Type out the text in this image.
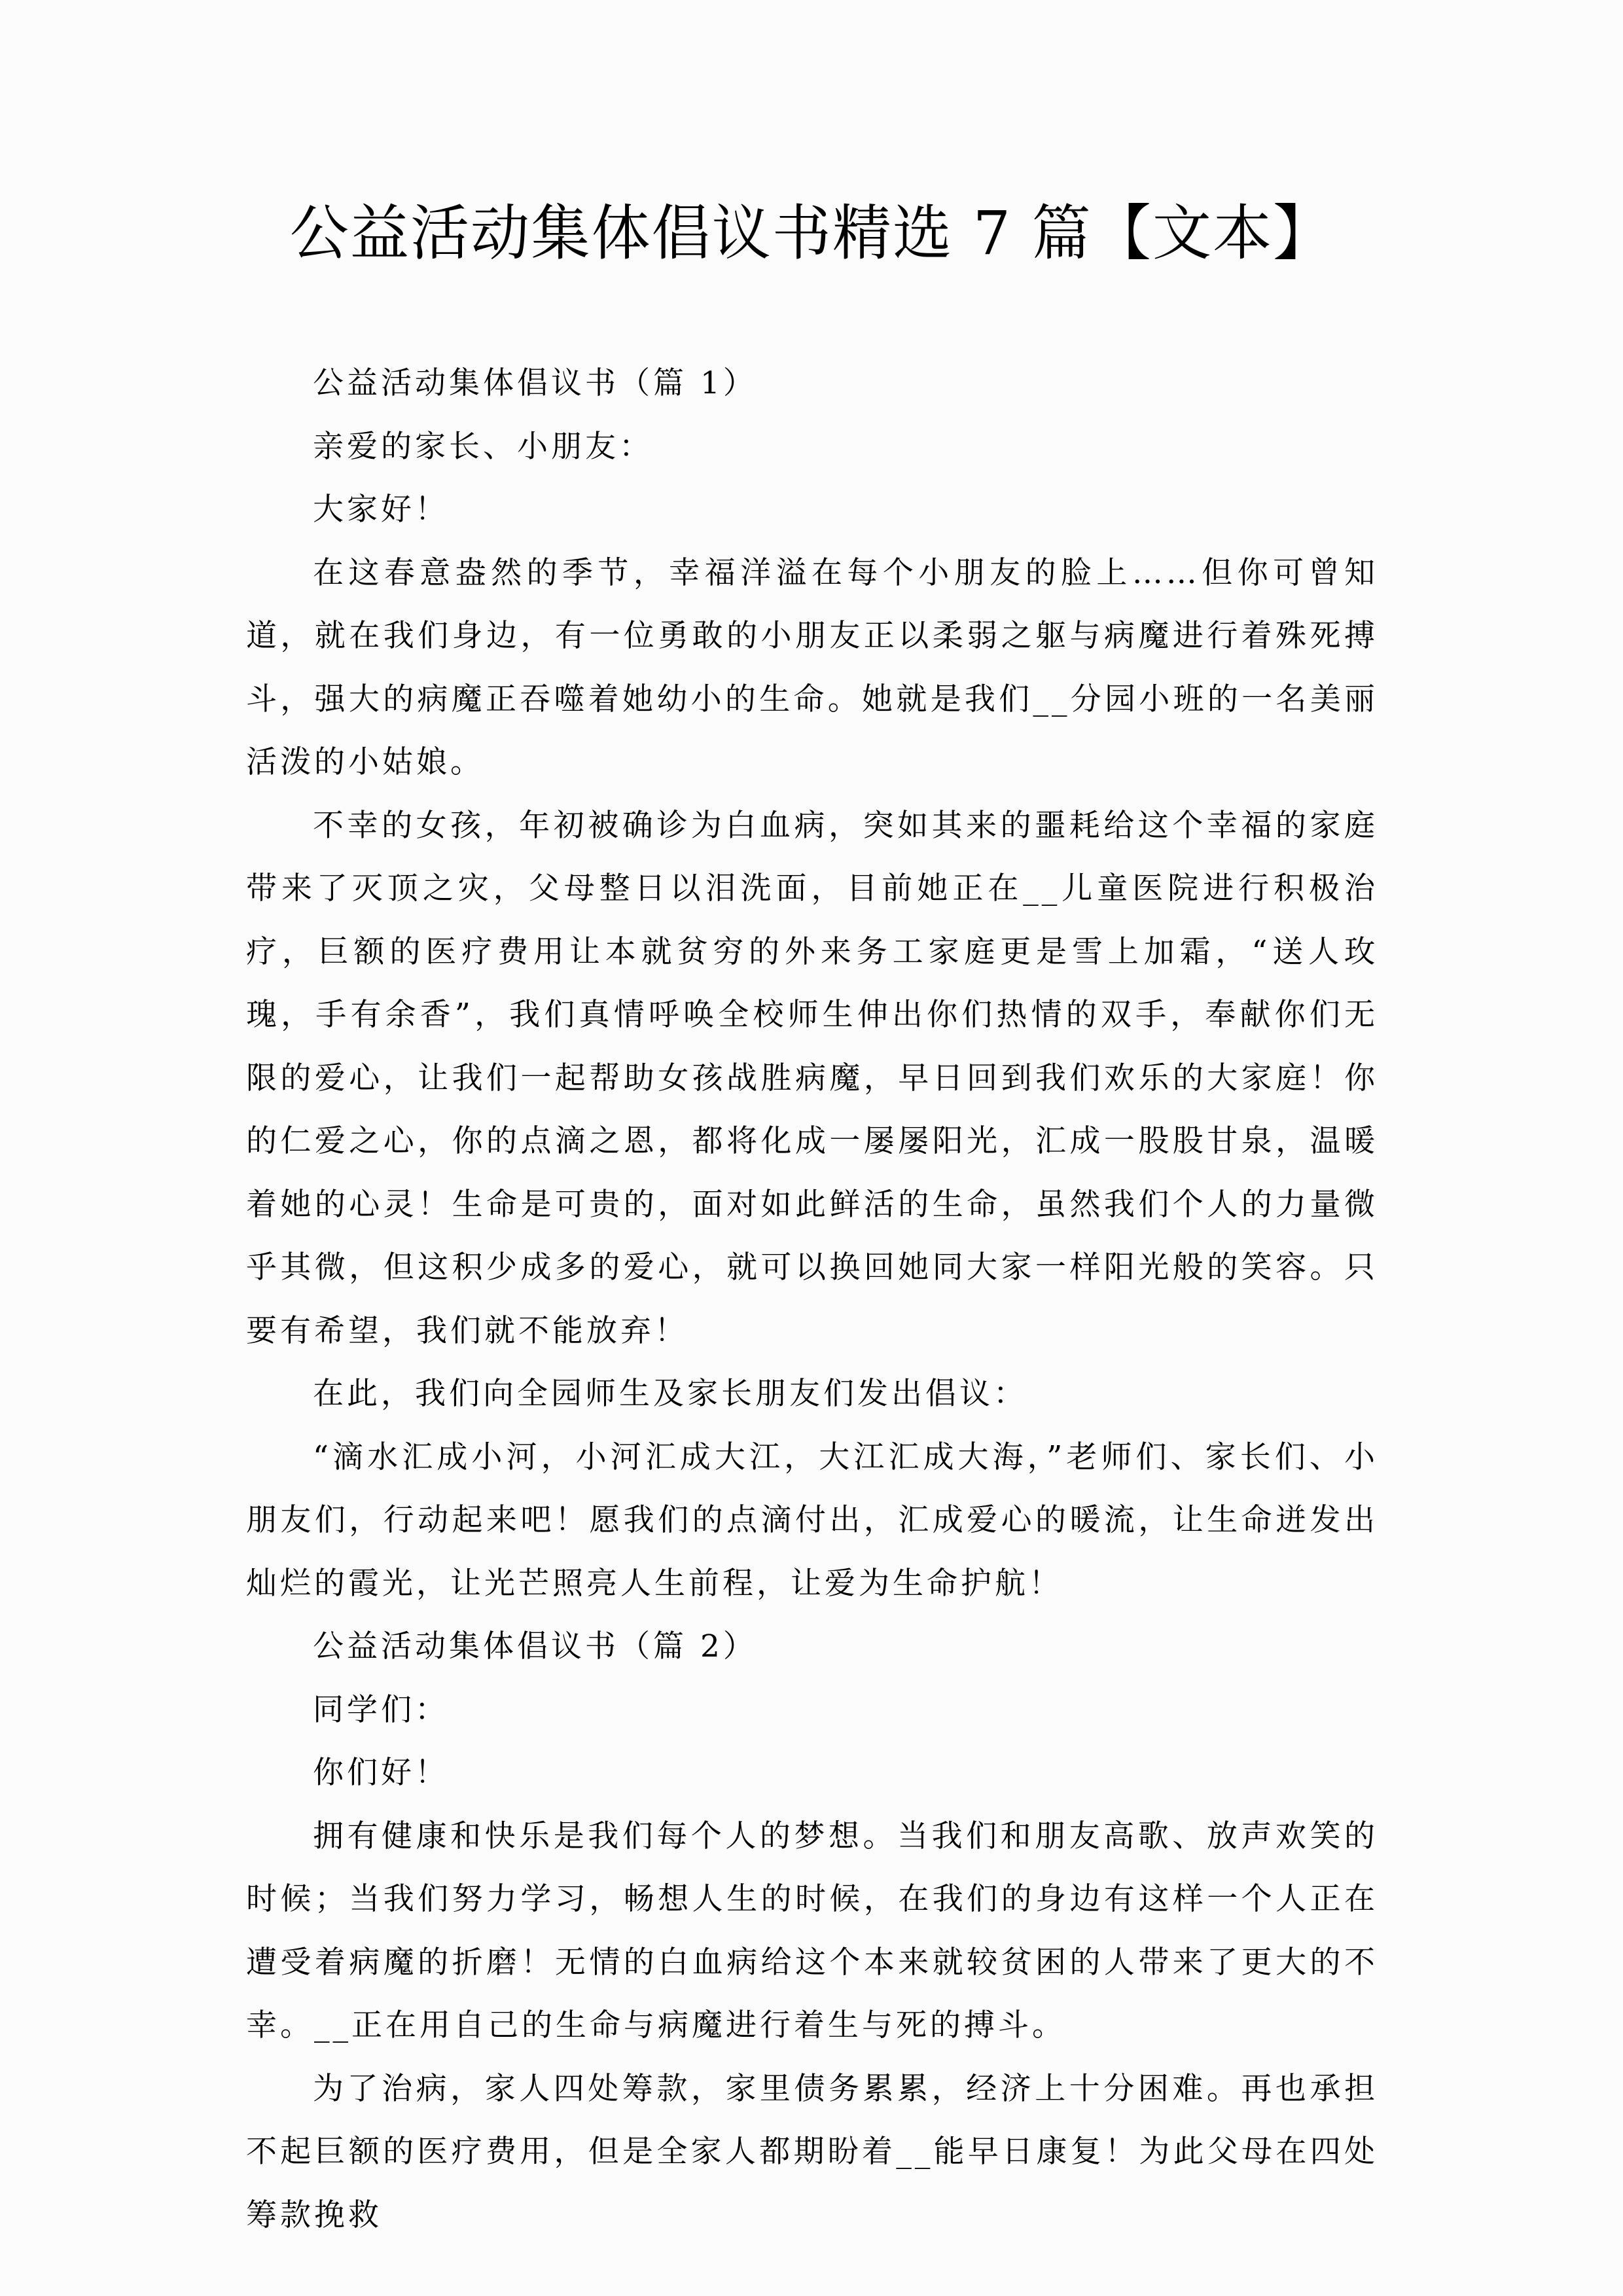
公益活动集体倡议书精选 7 篇【文本】

公益活动集体倡议书（篇 1）

亲爱的家长、小朋友：

大家好！

在这春意盎然的季节，幸福洋溢在每个小朋友的脸上……但你可曾知道，就在我们身边，有一位勇敢的小朋友正以柔弱之躯与病魔进行着殊死搏斗，强大的病魔正吞噬着她幼小的生命。她就是我们__分园小班的一名美丽活泼的小姑娘。

不幸的女孩，年初被确诊为白血病，突如其来的噩耗给这个幸福的家庭带来了灭顶之灾，父母整日以泪洗面，目前她正在__儿童医院进行积极治疗，巨额的医疗费用让本就贫穷的外来务工家庭更是雪上加霜，“送人玫瑰，手有余香”，我们真情呼唤全校师生伸出你们热情的双手，奉献你们无限的爱心，让我们一起帮助女孩战胜病魔，早日回到我们欢乐的大家庭！你的仁爱之心，你的点滴之恩，都将化成一屡屡阳光，汇成一股股甘泉，温暖着她的心灵！生命是可贵的，面对如此鲜活的生命，虽然我们个人的力量微乎其微，但这积少成多的爱心，就可以换回她同大家一样阳光般的笑容。只要有希望，我们就不能放弃！

在此，我们向全园师生及家长朋友们发出倡议：

“滴水汇成小河，小河汇成大江，大江汇成大海，”老师们、家长们、小朋友们，行动起来吧！愿我们的点滴付出，汇成爱心的暖流，让生命迸发出灿烂的霞光，让光芒照亮人生前程，让爱为生命护航！

公益活动集体倡议书（篇 2）

同学们：

你们好！

拥有健康和快乐是我们每个人的梦想。当我们和朋友高歌、放声欢笑的时候；当我们努力学习，畅想人生的时候，在我们的身边有这样一个人正在遭受着病魔的折磨！无情的白血病给这个本来就较贫困的人带来了更大的不幸。__正在用自己的生命与病魔进行着生与死的搏斗。

为了治病，家人四处筹款，家里债务累累，经济上十分困难。再也承担不起巨额的医疗费用，但是全家人都期盼着__能早日康复！为此父母在四处筹款挽救
